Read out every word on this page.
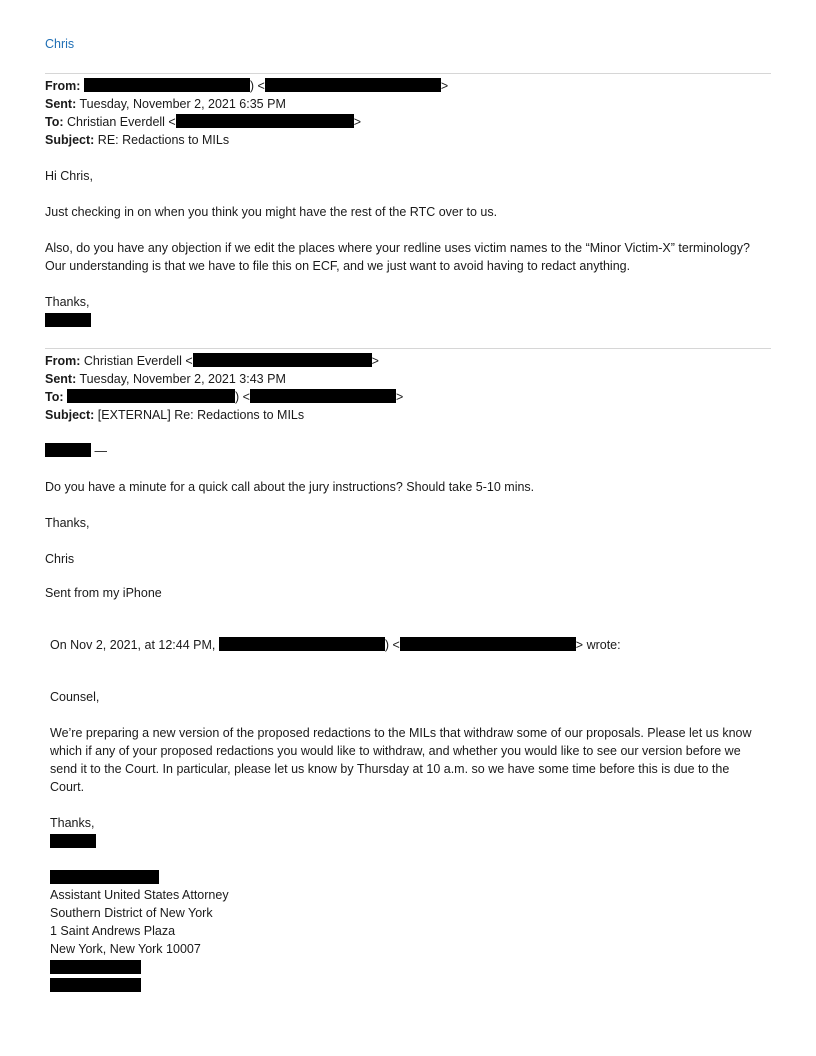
Chris
From:	) <	>
Sent: Tuesday, November 2, 2021 6:35 PM
To: Christian Everdell <	>
Subject: RE: Redactions to MILs
Hi Chris,
Just checking in on when you think you might have the rest of the RTC over to us.
Also, do you have any objection if we edit the places where your redline uses victim names to the “Minor Victim-X” terminology? Our understanding is that we have to file this on ECF, and we just want to avoid having to redact anything.
Thanks,
From: Christian Everdell <	>
Sent: Tuesday, November 2, 2021 3:43 PM
To:	) <	>
Subject: [EXTERNAL] Re: Redactions to MILs
—
Do you have a minute for a quick call about the jury instructions? Should take 5-10 mins.
Thanks,
Chris
Sent from my iPhone
On Nov 2, 2021, at 12:44 PM,	) <	> wrote:
Counsel,
We’re preparing a new version of the proposed redactions to the MILs that withdraw some of our proposals. Please let us know which if any of your proposed redactions you would like to withdraw, and whether you would like to see our version before we send it to the Court. In particular, please let us know by Thursday at 10 a.m. so we have some time before this is due to the Court.
Thanks,
Assistant United States Attorney
Southern District of New York
1 Saint Andrews Plaza
New York, New York 10007
